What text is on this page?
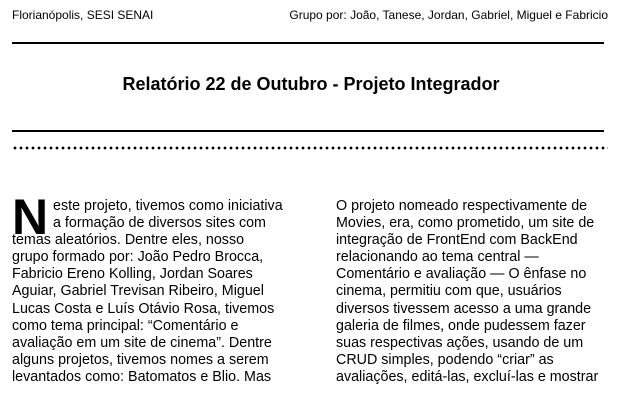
Florianópolis, SESI SENAI	Grupo por: João, Tanese, Jordan, Gabriel, Miguel e Fabricio
Relatório 22 de Outubro - Projeto Integrador
N este projeto, tivemos como iniciativa
a formação de diversos sites com
temas aleatórios. Dentre eles, nosso
grupo formado por: João Pedro Brocca,
Fabricio Ereno Kolling, Jordan Soares
Aguiar, Gabriel Trevisan Ribeiro, Miguel
Lucas Costa e Luís Otávio Rosa, tivemos
como tema principal: “Comentário e
avaliação em um site de cinema”. Dentre
alguns projetos, tivemos nomes a serem
levantados como: Batomatos e Blio. Mas
O projeto nomeado respectivamente de
Movies, era, como prometido, um site de
integração de FrontEnd com BackEnd
relacionando ao tema central —
Comentário e avaliação — O ênfase no
cinema, permitiu com que, usuários
diversos tivessem acesso a uma grande
galeria de filmes, onde pudessem fazer
suas respectivas ações, usando de um
CRUD simples, podendo “criar” as
avaliações, editá-las, excluí-las e mostrar
